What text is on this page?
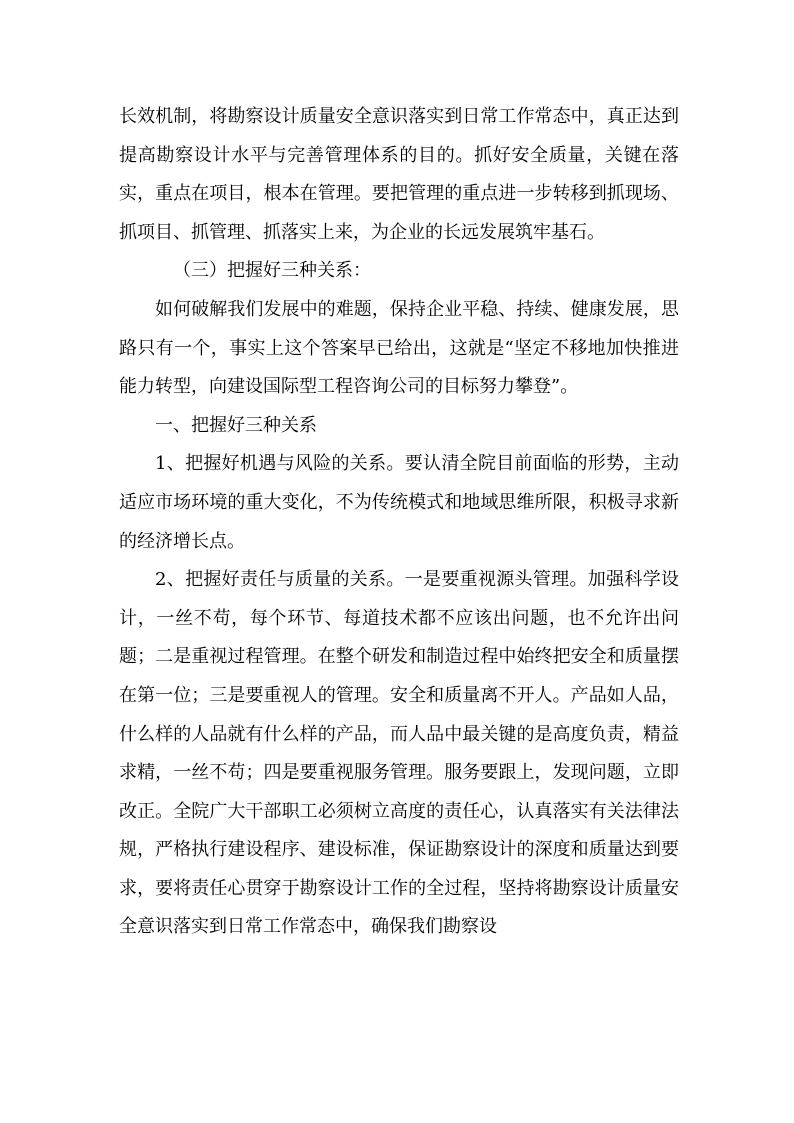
长效机制，将勘察设计质量安全意识落实到日常工作常态中，真正达到提高勘察设计水平与完善管理体系的目的。抓好安全质量，关键在落实，重点在项目，根本在管理。要把管理的重点进一步转移到抓现场、抓项目、抓管理、抓落实上来，为企业的长远发展筑牢基石。

（三）把握好三种关系：

如何破解我们发展中的难题，保持企业平稳、持续、健康发展，思路只有一个，事实上这个答案早已给出，这就是“坚定不移地加快推进能力转型，向建设国际型工程咨询公司的目标努力攀登”。

一、把握好三种关系

1、把握好机遇与风险的关系。要认清全院目前面临的形势，主动适应市场环境的重大变化，不为传统模式和地域思维所限，积极寻求新的经济增长点。

2、把握好责任与质量的关系。一是要重视源头管理。加强科学设计，一丝不苟，每个环节、每道技术都不应该出问题，也不允许出问题；二是重视过程管理。在整个研发和制造过程中始终把安全和质量摆在第一位；三是要重视人的管理。安全和质量离不开人。产品如人品，什么样的人品就有什么样的产品，而人品中最关键的是高度负责，精益求精，一丝不苟；四是要重视服务管理。服务要跟上，发现问题，立即改正。全院广大干部职工必须树立高度的责任心，认真落实有关法律法规，严格执行建设程序、建设标准，保证勘察设计的深度和质量达到要求，要将责任心贯穿于勘察设计工作的全过程，坚持将勘察设计质量安全意识落实到日常工作常态中，确保我们勘察设
